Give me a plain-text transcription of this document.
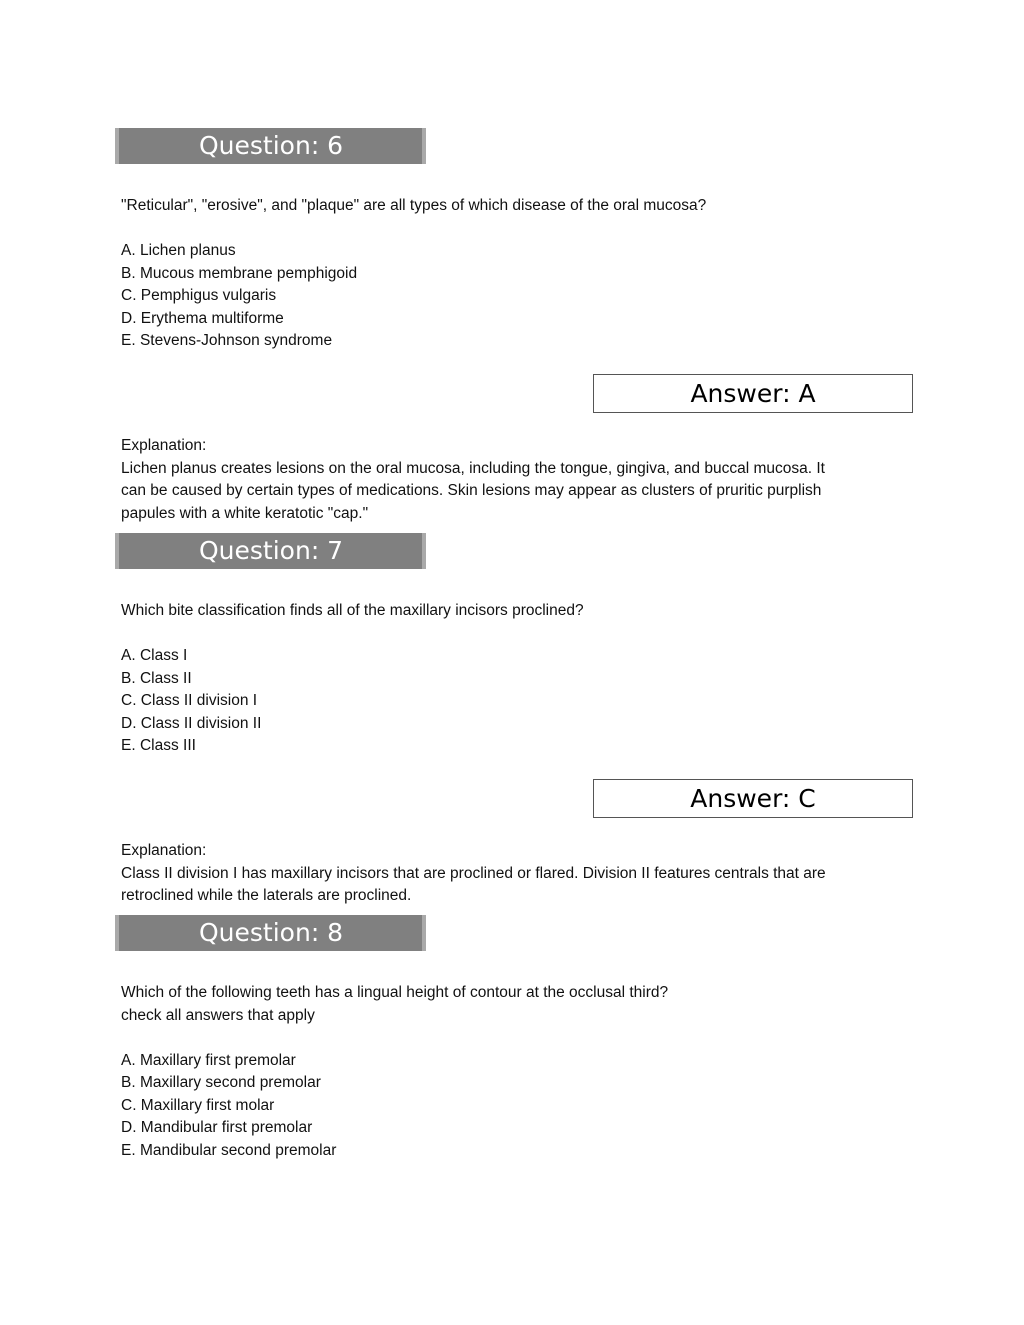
Question: 6
"Reticular", "erosive", and "plaque" are all types of which disease of the oral mucosa?
A. Lichen planus
B. Mucous membrane pemphigoid
C. Pemphigus vulgaris
D. Erythema multiforme
E. Stevens-Johnson syndrome
Answer: A
Explanation:
Lichen planus creates lesions on the oral mucosa, including the tongue, gingiva, and buccal mucosa. It
can be caused by certain types of medications. Skin lesions may appear as clusters of pruritic purplish
papules with a white keratotic "cap."
Question: 7
Which bite classification finds all of the maxillary incisors proclined?
A. Class I
B. Class II
C. Class II division I
D. Class II division II
E. Class III
Answer: C
Explanation:
Class II division I has maxillary incisors that are proclined or flared. Division II features centrals that are
retroclined while the laterals are proclined.
Question: 8
Which of the following teeth has a lingual height of contour at the occlusal third?
check all answers that apply
A. Maxillary first premolar
B. Maxillary second premolar
C. Maxillary first molar
D. Mandibular first premolar
E. Mandibular second premolar
